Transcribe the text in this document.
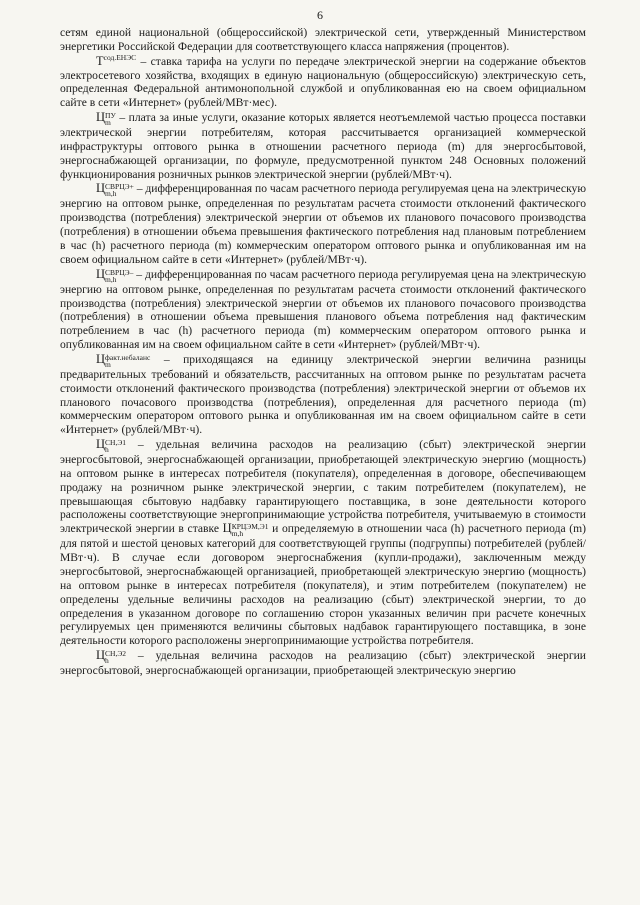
6

сетям единой национальной (общероссийской) электрической сети, утвержденный Министерством энергетики Российской Федерации для соответствующего класса напряжения (процентов).

$Т^{сод.ЕНЭС}$ – ставка тарифа на услуги по передаче электрической энергии на содержание объектов электросетевого хозяйства, входящих в единую национальную (общероссийскую) электрическую сеть, определенная Федеральной антимонопольной службой и опубликованная ею на своем официальном сайте в сети «Интернет» (рублей/МВт·мес).

Ц ПУ
m – плата за иные услуги, оказание которых является неотъемлемой частью процесса поставки электрической энергии потребителям, которая рассчитывается организацией коммерческой инфраструктуры оптового рынка в отношении расчетного периода (m) для энергосбытовой, энергоснабжающей организации, по формуле, предусмотренной пунктом 248 Основных положений функционирования розничных рынков электрической энергии (рублей/МВт·ч).

Ц СВРЦЭ+
m,h	– дифференцированная по часам расчетного периода регулируемая цена на электрическую энергию на оптовом рынке, определенная по результатам расчета стоимости отклонений фактического производства (потребления) электрической энергии от объемов их планового почасового производства (потребления) в отношении объема превышения фактического потребления над плановым потреблением в час (h) расчетного периода (m) коммерческим оператором оптового рынка и опубликованная им на своем официальном сайте в сети «Интернет» (рублей/МВт·ч).

Ц СВРЦЭ–
m,h	– дифференцированная по часам расчетного периода регулируемая цена на электрическую энергию на оптовом рынке, определенная по результатам расчета стоимости отклонений фактического производства (потребления) электрической энергии от объемов их планового почасового производства (потребления) в отношении объема превышения планового объема потребления над фактическим потреблением в час (h) расчетного периода (m) коммерческим оператором оптового рынка и опубликованная им на своем официальном сайте в сети «Интернет» (рублей/МВт·ч).

Ц факт.небаланс
m	– приходящаяся на единицу электрической энергии величина разницы предварительных требований и обязательств, рассчитанных на оптовом рынке по результатам расчета стоимости отклонений фактического производства (потребления) электрической энергии от объемов их планового почасового производства (потребления), определенная для расчетного периода (m) коммерческим оператором оптового рынка и опубликованная им на своем официальном сайте в сети «Интернет» (рублей/МВт·ч).

Ц СН,Э1
h	– удельная величина расходов на реализацию (сбыт) электрической энергии энергосбытовой, энергоснабжающей организации, приобретающей электрическую энергию (мощность) на оптовом рынке в интересах потребителя (покупателя), определенная в договоре, обеспечивающем продажу на розничном рынке электрической энергии, с таким потребителем (покупателем), не превышающая сбытовую надбавку гарантирующего поставщика, в зоне деятельности которого расположены соответствующие энергопринимающие устройства потребителя, учитываемую в стоимости электрической энергии в ставке Ц КРЦЭМ,Э1
m,h	и определяемую в отношении часа (h) расчетного периода (m) для пятой и шестой ценовых категорий для соответствующей группы (подгруппы) потребителей (рублей/МВт·ч). В случае если договором энергоснабжения (купли-продажи), заключенным между энергосбытовой, энергоснабжающей организацией, приобретающей электрическую энергию (мощность) на оптовом рынке в интересах потребителя (покупателя), и этим потребителем (покупателем) не определены удельные величины расходов на реализацию (сбыт) электрической энергии, то до определения в указанном договоре по соглашению сторон указанных величин при расчете конечных регулируемых цен применяются величины сбытовых надбавок гарантирующего поставщика, в зоне деятельности которого расположены энергопринимающие устройства потребителя.

Ц СН,Э2
h	– удельная величина расходов на реализацию (сбыт) электрической энергии энергосбытовой, энергоснабжающей организации, приобретающей электрическую энергию
